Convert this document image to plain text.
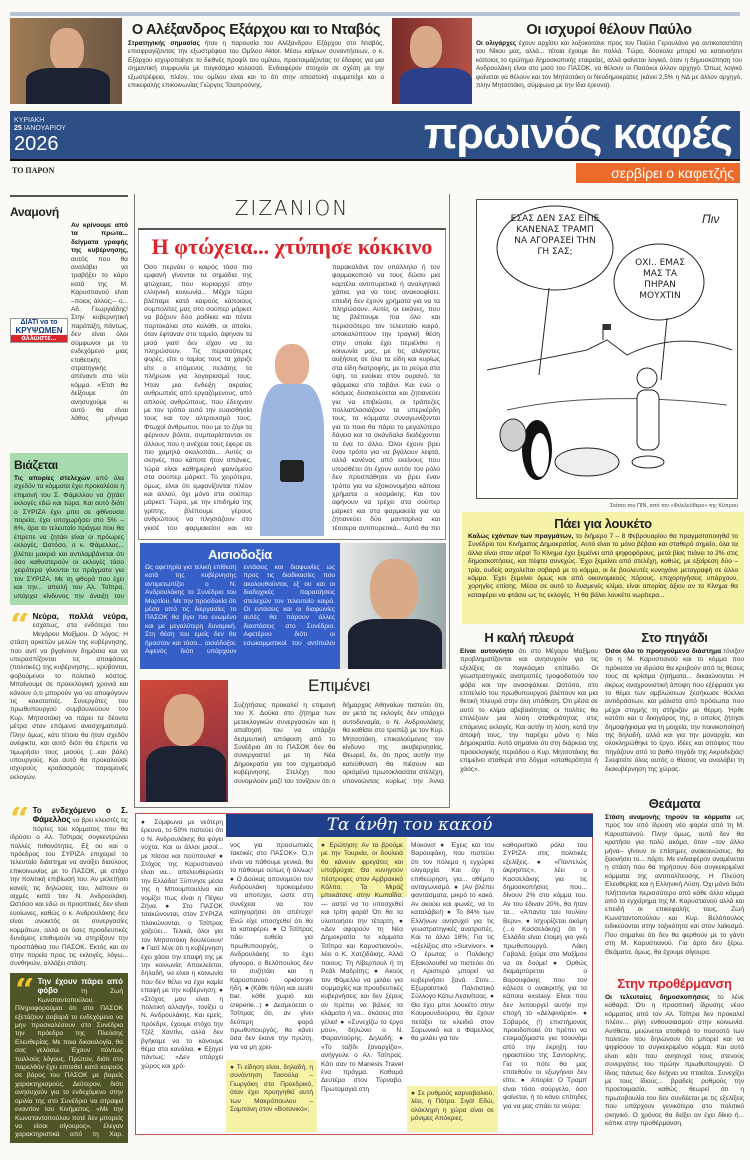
Ο Αλέξανδρος Εξάρχου και το Νταβός

Στρατηγικής σημασίας ήταν η παρουσία του Αλέξανδρου Εξάρχου στο Νταβός, επισφραγίζοντας την εξωστρέφεια του Ομίλου Aktor. Μέσω καίριων συναντήσεων, ο κ. Εξάρχου ισχυροποίησε το διεθνές προφίλ του ομίλου, προετοιμάζοντας το έδαφος για μια σημαντική συμφωνία με παγκόσμιο κολοσσό. Ενδιαφέρον στοιχείο σε σχέση με την εξωστρέφεια, πλέον, του ομίλου είναι και το ότι στην αποστολή συμμετείχε και ο επικεφαλής επικοινωνίας Γιώργος Τσαπρούνης.

Οι ισχυροί θέλουν Παύλο

Οι ολιγάρχες έχουν αρχίσει και λοξοκοιτάνε προς τον Παύλο Γερουλάνο για αντικαταστάτη του Νίκου μας, αλλά... τέτοια έχουμε δει πολλά. Τώρα, δύσκολα μπορεί να κατανοήσει κάποιος το ερώτημα δημοσκοπικής εταιρείας, αλλά φαίνεται λογικό, όταν η δημοσκόπηση του Ανδρουλάκη είναι στο μισό του ΠΑΣΟΚ, να θέλουν οι Πασόκοι άλλον αρχηγό. Όπως λογικό φαίνεται να θέλουν και τον Μητσοτάκη οι Νεοδημοκράτες (κάνει 2,5% η ΝΔ με άλλον αρχηγό, πλην Μητσοτάκη, σύμφωνα με την ίδια έρευνα).

ΚΥΡΙΑΚΗ
25 ΙΑΝΟΥΑΡΙΟΥ
2026	πρωινός καφές
ΤΟ ΠΑΡΟΝ	σερβίρει ο καφετζής
Αναμονή
ΔΙΑΤΙ να το
ΚΡΥΨΩΜΕΝ
άλλωστε...

Αν κρίνουμε από τα πρώτα... δείγματα γραφής της κυβέρνησης, αυτός που θα αναλάβει να τραβήξει το κάρο κατά της Μ. Καρυστιανού είναι –ποιος άλλος;– ο... Αδ. Γεωργιάδης! Στην κυβερνητική παράταξη, πάντως, δεν είναι όλοι σύμφωνοι με το ενδεχόμενο μιας επιθετικής στρατηγικής απέναντι στο νέο κόμμα. «Έτσι θα δείξουμε ότι ανησυχούμε κι αυτό θα είναι λάθος μήνυμα

Βιάζεται

Τις απορίες στελεχών από όλα σχεδόν τα κόμματα έχει προκαλέσει η επιμονή του Σ. Φάμελλου να ζητάει εκλογές εδώ και τώρα. Και αυτό διότι ο ΣΥΡΙΖΑ έχει μπει σε φθίνουσα πορεία, έχει υποχωρήσει στο 5% – 6%, άρα το τελευταίο πράγμα που θα έπρεπε να ζητάει είναι οι πρόωρες εκλογές. Ωστόσο, ο κ. Φάμελλος... βλέπει μακριά και αντιλαμβάνεται ότι όσο καθυστερούν οι εκλογές τόσο χειρότερα γίνονται τα πράγματα για τον ΣΥΡΙΖΑ. Με τη φθορά που έχει και την... απειλή του Αλ. Τσίπρα, υπάρχει κίνδυνος την άνοιξη του

“ Νεύρα, πολλά νεύρα, εσχάτως, στα ενδότερα του Μεγάρου Μαξίμου. Ο λόγος; Η στάση αρκετών μελών της κυβέρνησης, που αντί να βγαίνουν δημόσια και να υπερασπίζονται τις αποφάσεις (πολιτικές) της κυβέρνησης... κρύβονται, φοβούμενοι το πολιτικό κόστος. Μπαίνουμε σε προεκλογική χρονιά και κάνουν ό,τι μπορούν για να αποφύγουν τις κακοτοπιές. Συνεργάτες του πρωθυπουργού συμβουλεύουν τον Κυρ. Μητσοτάκη να πάρει τα δέοντα μέτρα στον επόμενο ανασχηματισμό. Πλην όμως, κάτι τέτοιο θα ήταν σχεδόν ανέφικτο, και αυτό διότι θα έπρεπε να τιμωρήσει τους μισούς (...και βάλε) υπουργούς. Και αυτό θα προκαλούσε ισχυρούς κραδασμούς παραμονές εκλογών.

“ Το ενδεχόμενο ο Σ. Φάμελλος να βρει κλειστές τις πόρτες του κόμματος που θα ιδρύσει ο Αλ. Τσίπρας συγκεντρώνει πολλές πιθανότητες. Εξ ου και ο πρόεδρος του ΣΥΡΙΖΑ επιχειρεί το τελευταίο διάστημα να ανοίξει διαύλους επικοινωνίας με το ΠΑΣΟΚ, με στόχο την πολιτική επιβίωσή του. Αν μελετήσει κανείς τις δηλώσεις του, λείπουν οι αιχμές κατά του Ν. Ανδρουλάκη. Ωστόσο και εδώ οι προοπτικές δεν είναι ευοίωνες, καθώς ο κ. Ανδρουλάκης δεν είναι ανοικτός σε συνεργασίες κομμάτων, αλλά σε όσες προοδευτικές δυνάμεις επιθυμούν να στηρίξουν την προσπάθεια του ΠΑΣΟΚ. Εκτός και αν στην πορεία προς τις εκλογές, λόγω... συνθηκών, αλλάξει στάση.

“ Την έχουν πάρει από φόβο	τη Ζωή Κωνσταντοπούλου. Πληροφορούμαι ότι στο ΠΑΣΟΚ εξετάζουν σοβαρά το ενδεχόμενο να μην προσκαλέσουν στο Συνέδριο την πρόεδρο της Πλεύσης Ελευθερίας. Με ποια δικαιολογία, θα σας γελάσω. Έχουν πάντως πολλούς λόγους. Πρώτον, διότι στο παρελθόν έχει επιτεθεί κατά καιρούς σε βάρος του ΠΑΣΟΚ με βαρείς χαρακτηρισμούς. Δεύτερον, διότι ανησυχούν για το ενδεχόμενο στην ομιλία της στο Συνέδριο να στραφεί εναντίον του Κινήματος. «Με την Κωνσταντοπούλου ποτέ δεν μπορείς να είσαι σίγουρος», έλεγαν χαρακτηριστικά από τη Χαρ.

ΖΙΖΑΝΙΟΝ
Η φτώχεια... χτύπησε κόκκινο

Όσο περνάει ο καιρός τόσο πιο εμφανή γίνονται τα σημάδια της φτώχειας, που κυριαρχεί στην ελληνική κοινωνία... Μέχρι τώρα βλέπαμε κατά καιρούς κάποιους συμπολίτες μας στο σούπερ μάρκετ να βάζουν δύο ραδίκια και πέντε πορτοκάλια στο καλάθι, οι οποίοι, όταν έφταναν στο ταμείο, άφηναν τα μισά γιατί δεν είχαν να τα πληρώσουν. Τις περισσότερες φορές, είτε ο ταμίας τους τα χάριζε είτε ο επόμενος πελάτης τα πλήρωνε για λογαριασμό τους. Ήταν μια ένδειξη ακραίας ανθρωπιάς από εργαζόμενους, από απλούς ανθρώπους, που έδειχναν με τον τρόπο αυτό την ευαισθησία τους και τον αλτρουισμό τους. Φτωχοί άνθρωποι, που με το ζόρι τα φέρνουν βόλτα, συμπαρίστανται σε άλλους που η ανέχεια τους έφερε σε πιο χαμηλό σκαλοπάτι... Αυτές οι σκηνές, που κάποτε ήταν σπάνιες, τώρα είναι καθημερινό φαινόμενο στα σούπερ μάρκετ. Το χειρότερο, όμως, είναι ότι εμφανίζονται πλέον και αλλού, όχι μόνο στα σούπερ μάρκετ. Τώρα, με την επιδημία της γρίπης, βλέπουμε γέρους ανθρώπους να πλησιάζουν στο γκισέ του φαρμακείου και να παρακαλάνε τον υπάλληλο ή τον φαρμακοποιό να τους δώσει μια καρτέλα αντιπυρετικά ή αναλγητικά χάπια, για να τους ανακουφίσει, επειδή δεν έχουν χρήματα για να τα πληρώσουν. Αυτές οι εικόνες, που τις βλέπουμε πια όλο και περισσότερο τον τελευταίο καιρό, αποκαλύπτουν την τραγική θέση στην οποία έχει περιέλθει η κοινωνία μας, με τις αλόγιστες αυξήσεις σε όλα τα είδη και κυρίως στα είδη διατροφής, με το ρεύμα στα ύψη, τα ενοίκια στον ουρανό, τα φάρμακα στο ταβάνι. Και ενώ ο κόσμος δυσκολεύεται και ζητιανεύει για να επιβιώσει, οι τράπεζες πολλαπλασιάζουν τα υπερκέρδη τους, τα κόμματα συναγωνίζονται για το ποιο θα πάρει το μεγαλύτερο δάνειο και τα σκάνδαλα διαδέχονται το ένα το άλλο. Όλοι έχουν βρει έναν τρόπο για να βγάλουν λεφτά, αλλά κανένας από εκείνους που υποσθέτει ότι έχουν αυτόν τον ρόλο δεν προσπάθησε να βρει έναν τρόπο για να εξοικονομήσει κάποια χρήματα ο κοσμάκης. Και τον αφήνουν να τρέχει στα σούπερ μάρκετ και στα φαρμακεία για να ζητιανεύει δύο μανταρίνια και τέσσερα αντιπυρετικά... Αυτό θα πει

Αισιοδοξία

Ως αφετηρία για τελική επίθεση κατά της κυβέρνησης αντιμετωπίζει ο Ν. Ανδρουλάκης το Συνέδριο του Μαρτίου. Με την προσδοκία ότι μέσα από τις διεργασίες το ΠΑΣΟΚ θα βγει πιο ενωμένο και με μεγαλύτερη δυναμική. Στη θέση του εμείς δεν θα ήμασταν και τόσο... αισιόδοξοι. Αφενός διότι υπάρχουν εντάσεις και διαφωνίες ως προς τις διαδικασίες που ακολουθούνται, εξ ου και οι διαδοχικές παραιτήσεις στελεχών τον τελευταίο καιρό. Οι εντάσεις και οι διαφωνίες αυτές θα πάρουν άλλες διαστάσεις στο Συνέδριο. Αφετέρου διότι οι εσωκομματικοί του αντίπαλοι

Επιμένει

Συζητήσεις προκαλεί η επιμονή του Χ. Δούκα στο ζήτημα των μετεκλογικών συνεργασιών και η απαίτησή του να υπάρξει δεσμευτική απόφαση από το Συνέδριο ότι το ΠΑΣΟΚ δεν θα συνεργαστεί με τη Νέα Δημοκρατία για τον σχηματισμό κυβέρνησης. Στελέχη που συνομιλούν μαζί του τονίζουν ότι ο δήμαρχος Αθηναίων πιστεύει ότι, αν μετά τις εκλογές δεν υπάρχει αυτοδυναμία, ο Ν. Ανδρουλάκης θα καθίσει στο τραπέζι με τον Κυρ. Μητσοτάκη, επικαλούμενος τον κίνδυνο της ακυβερνησίας. Θεωρεί, δε, ότι προς αυτήν την κατεύθυνση θα πιέσουν και ορισμένα πρωτοκλασάτα στελέχη, υπονοώντας κυρίως την Άννα

ΕΣΑΣ ΔΕΝ ΣΑΣ ΕΙΠΕ ΚΑΝΕΝΑΣ ΤΡΑΜΠ ΝΑ ΑΓΟΡΑΣΕΙ ΤΗΝ ΓΗ ΣΑΣ;
ΟΧΙ.. ΕΜΑΣ ΜΑΣ ΤΑ ΠΗΡΑΝ ΜΟΥΧΤΙΝ
Πιν
Σκίτσο του ΠΙΝ, από τον «Φιλελεύθερο» της Κύπρου
Πάει για λουκέτο

Καλώς εχόντων των πραγμάτων, το διήμερο 7 – 8 Φεβρουαρίου θα πραγματοποιηθεί το Συνέδριο του Κινήματος Δημοκρατίας. Αυτό είναι το μόνο βέβαιο και σταθερό σημείο, όλα τα άλλα είναι στον αέρα! Το Κίνημα έχει ξεμείνει από ψηφοφόρους, μετά βίας πιάνει το 2% στις δημοσκοπήσεις, και πέφτει συνεχώς. Έχει ξεμείνει από στελέχη, καθώς, με εξαίρεση δύο – τρία, ουδείς ασχολείται σοβαρά με το κόμμα, οι δε βουλευτές κυνηγάνε μεταγραφή σε άλλο κόμμα. Έχει ξεμείνει όμως και από οικονομικούς πόρους, επιχορηγήσεις υπάρχουν, χορηγίες επίσης. Μέσα σε αυτό το δυσμενές κλίμα, είναι απορίας άξιον αν το Κίνημα θα καταφέρει να φτάσει ως τις εκλογές. Ή θα βάλει λουκέτο νωρίτερα...

Η καλή πλευρά

Είναι αυτονόητο ότι στο Μέγαρο Μαξίμου προβληματίζονται και ανησυχούν για τις εξελίξεις σε παγκόσμιο επίπεδο. Οι γεωστρατηγικές ανατροπές τροφοδοτούν τον φόβο και την ανασφάλεια. Ωστόσο, στο επιτελείο του πρωθυπουργού βλέπουν και μια θετική πλευρά στην όλη υπόθεση. Ότι μέσα σε αυτό το κλίμα αβεβαιότητας οι πολίτες θα επιλέξουν μια λύση σταθερότητας στις επόμενες εκλογές. Και αυτήν τη λύση, κατά την άποψή τους, την παρέχει μόνο η Νέα Δημοκρατία. Αυτό σημαίνει ότι στη διάρκεια της προεκλογικής περιόδου ο Κυρ. Μητσοτάκης θα επιμείνει σταθερά στο δόγμα «σταθερότητα ή χάος».

Στο πηγάδι

Όσοι όλο το προηγούμενο διάστημα τόνιζαν ότι η Μ. Καρυστιανού και το κόμμα που πρόκειται να ιδρύσει θα κρυβούν από τις θέσεις τους σε κρίσιμα ζητήματα... δικαιώνονται. Η άκρως αναχρονιστική άποψη που εξέφρασε για το θέμα των αμβλώσεων ξεσήκωσε θύελλα αντιδράσεων, και μάλιστα από πρόσωπα που μέχρι στιγμής τη στήριζαν με θέρμη. Ήρθε κατόπι και ο δικηγόρος της, ο οποίος ζήτησε δημοψήφισμα για τη μοιχεία, την ποινικοποίησή της δηλαδή, αλλά και για την μοναρχία, και ολοκληρώθηκε το έργο. Ιδέες και απόψεις που πηγάζουν από το βαθύ πηγάδι της Ακροδεξιάς! Σκεφτείτε όλος αυτός ο θίασος να αναλάβει τη διακυβέρνηση της χώρας.

Θεάματα

Στάση αναμονής τηρούν τα κόμματα ως προς τον υπό ίδρυση νέο φορέα από τη Μ. Καρυστιανού. Πλην όμως, αυτό δεν θα κρατήσει για πολύ ακόμα, όταν –τον άλλο μήνα– γίνουν οι επίσημες ανακοινώσεις, θα ξεκινήσει το... πάρτι. Με ενδιαφέρον αναμένεται η στάση που θα τηρήσουν δύο συγκεκριμένα κόμματα της αντιπολίτευσης. Η Πλεύση Ελευθερίας και η Ελληνική Λύση. Όχι μόνο διότι πλήττονται περισσότερο από κάθε άλλο κόμμα από το εγχείρημα της Μ. Καρυστιανού αλλά και επειδή οι επικεφαλής τους, Ζωή Κωνσταντοπούλου και Κυρ. Βελόπουλος ειδικεύονται στην τοξικότητα και στον λαϊκισμό. Που σημαίνει ότι δεν θα φερθούν με το γάντι στη Μ. Καρυστιανού. Για άρτο δεν ξέρω. Θεάματα, όμως, θα έχουμε σίγουρα.

Στην προθέρμανση

Οι τελευταίες δημοσκοπήσεις το λένε καθαρά: Ότι η προοπτική ίδρυσης νέου κόμματος από τον Αλ. Τσίπρα δεν προκαλεί πλέον... ρίγη ενθουσιασμού στην κοινωνία. Αντίθετα, μειώνεται σταθερά το ποσοστό των πολιτών που δηλώνουν ότι μπορεί και να ψηφίσουν το συγκεκριμένο κόμμα. Και αυτό είναι κάτι που ανησυχεί τους στενούς συνεργάτες του πρώην πρωθυπουργού. Ο ίδιος πάντως δεν δείχνει να πτοείται. Συνεχίζει με τους ίδιους... βραδείς ρυθμούς την προετοιμασία, καθώς θεωρεί ότι η πρωτοβουλία του δεν συνδέεται με τις εξελίξεις που υπάρχουν γενικότερα στο πολιτικό σκηνικό. Ο χρόνος θα δείξει αν έχει δίκιο ή... κάπκε στην προθέρμανση.

Τα άνθη του κακού

● Σύμφωνα με νεότερη έρευνα, το 50% πιστεύει ότι ο Ν. Ανδρουλάκης θα φύγει νύχτα. Και οι άλλοι μισοί... με πίσσα και πούπουλα! ● Στόχος της Καρυστιανού είναι να... απελευθερώσει την Ελλάδα! Ξύπνησε μέσα της η Μπουμπουλίνα και νομίζει πως είναι η Πέγκυ Ζήνα. ● Στο ΠΑΣΟΚ τσακώνονται, στον ΣΥΡΙΖΑ πλακώνονται, ο Τσίπρας χαζεύει... Τελικά, όλοι για τον Μητσοτάκη δουλεύουν! ● Γιατί λένε ότι η κυβέρνηση έχει χάσει την επαφή της με την κοινωνία; Αποκλείεται, δηλαδή, να είναι η κοινωνία που δεν θέλει να έχει καμία επαφή με την κυβέρνηση; ● «Στόχος μου είναι η πολιτική αλλαγή», τονίζει ο Ν. Ανδρουλάκης. Και εμείς, πρόεδρε, έχουμε στόχο την Τζέξ Χαντίνι, αλλά δεν βγήκαμε να το κάνουμε θέμα στα κανάλια. ● Εξηγεί πάντως: «Δεν υπάρχει χώρος και χρό-

νος για προσωπικές τακτικές στο ΠΑΣΟΚ». Ό,τι είναι να πάθουμε γενικά, θα το πάθουμε ούτως ή άλλως! ● Ο Δούκας απονομεύει τον Ανδρουλάκη προκειμένου να αποτύχει, ώστε στη συνέχεια να τον κατηγορήσει ότι απέτυχε! Ενώ είχε υποσχεθεί ότι θα τα καταφέρει. ● Ο Τσίπρας πάει ευθεία για πρωθυπουργός, ο Ανδρουλάκης το έχει αίγουρο, ο Βελόπουλος δεν το συζητάει και η Καρυστιανού ορκίστηκε ήδη. ● (Κάθε πόλη και sushi bar, κάθε χωριό και creperie...) ● Δεσμεύεται ο Τσίπρας ότι, αν γίνει δεύτερη φορά πρωθυπουργός, θα κάνει όσα δεν έκανε την πρώτη, για να μη χρει-

● Τι είδηση είναι, δηλαδή, η συνάντηση Τασούλα – Γιωργάκη στο Προεδρικό, όταν έχει προηγηθεί αυτή των Μακρόπουλου – Σαμπάνη στον «Βοτανικό»;

● Ερώτηση: Αν τα βρούμε με την Τουρκία, οι δουλειά θα κάνουν φρεγάτες και υποβρύχια; Θα κυνηγούν πέστροφες στον Αμβρακικό Κόλπο; Τα Μιράζ μπεκάτσες στην Κωπαΐδα; — αστεί να το υποσχεθεί και τρίτη φορά! Ότι θα τα υλοποιήσει την τέταρτη. ● «Δεν αφορούν τη Νέα Δημοκρατία τα κόμματα Τσίπρα και Καρυστιανού», λέει ο Κ. Χατζιδάκης. Αλλά ποιους; Τη Λίβερπουλ ή τη Ρεάλ Μαδρίτης; ● Ακούς τον Φάμελλο να μιλάει για συμμαχίες και προοδευτικές κυβερνήσεις και δεν ξέρεις αν πρέπει να βάλεις τα κλάματα ή να... σκάσεις στα γέλια! ● «Συνεχίζω το έργο μου», δηλώνει ο Ν. Φαραντούρης. Δηλαδή; ● «Το ταξίδι ξαναρχίζει», ανήγγειλε ο Αλ. Τσίπρας. Κάτι σαν το Manesis Travel ένα πράγμα. Καθαρά Δευτέρα στον Τύρναβο. Πρωτομαγιά στη

Μύκονο! ● Έχεις και τον Βαρουφάκη, που πιστεύει ότι τον πόλεμο η εγχώρια ολιγαρχία. Και όχι η επιθεώρηση, για... αθέμιτο ανταγωνισμό. ● (Αν βλέπει φαντάσματα, μικρό το κακό. Αν ακούει και φωνές, να το καταλάβει!) ● Το 84% των Ελλήνων ανησυχεί για τις γεωστρατηγικές ανατροπές. Και το άλλο 16%; Για τις «εξελίξεις στο «Survivor». ● Ο έρωτας ο Πολάκης! Εξακολουθεί να πιστεύει ότι η Αριστερά μπορεί να κυβερνήσει ξανά. Στον... Εξωραϊστικό Πολιτιστικό Σύλλογο Κάτω Λεσινίτσας. ● Θα έχει μπει λουκέτο στην Κουμουνδούρου, θα έχουν πετάξει τα κλειδιά στον Σαρωνικό και ο Φάμελλος θα μιλάει για τον

● Σε ρυθμούς καρναβαλιού, λέει, η Πάτρα. Σιγά! Εδώ, ολόκληρη η χώρα είναι σε μόνιμες Απόκριες.

καθοριστικό ρόλο του ΣΥΡΙΖΑ στις πολιτικές εξελίξεις. ● «Παντελώς άκρηστες», λέει ο Κασσελάκης για τις δημοσκοπήσεις που... δίνουν 2% στο κόμμα του. Αν του έδιναν 20%, θα ήταν τα... «Άπαντα του Ιουλίου Βερν». ● Ισχυρίζεται ακόμη (...ο Κασσελάκης) ότι η Ελλάδα είναι έτοιμη για γκέι πρωθυπουργό. Λάκη Γαβαλά, ξούμε στο Μαξίμου να σε δούμε! ● Ορθώς διαμαρτύρεται ο Βαρουφάκης που τον κάλεσε ο ανακριτής για τα κάποια exstasy. Είναι που δεν λειτουργεί αυτήν την εποχή το «Δελφινάριο». ● Σοβαρός (!) επιστήμονας προειδοποιεί ότι πρέπει να ετοιμαζόμαστε για τσουνάμι από την έκρηξη του ηφαιστείου της Σαντορίνης. Για το πότε θα μας επιτεθούν οι εξωγήινοι δεν είπε. ● Απορία: Ο Τραμπ είναι τόσο σούργελο, όσο φαίνεται, ή το κάνει επίτηδες για να μας σπάει τα νεύρα;
